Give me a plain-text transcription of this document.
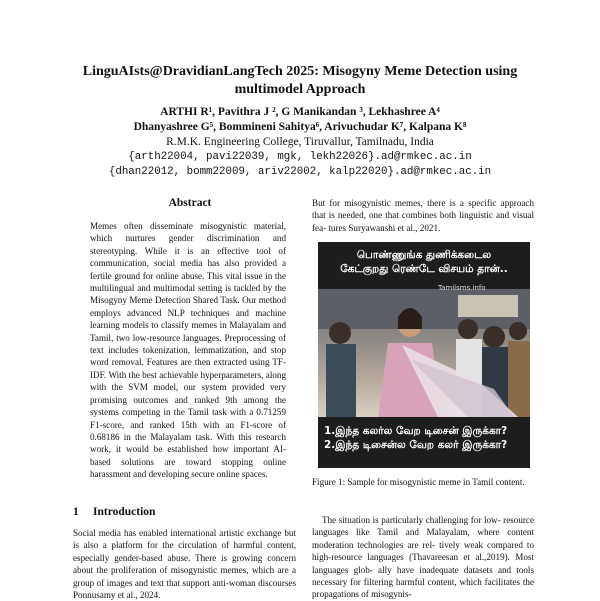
LinguAIsts@DravidianLangTech 2025: Misogyny Meme Detection using
multimodel Approach
ARTHI R¹, Pavithra J ², G Manikandan ³, Lekhashree A⁴
Dhanyashree G⁵, Bommineni Sahitya⁶, Arivuchudar K⁷, Kalpana K⁸
R.M.K. Engineering College, Tiruvallur, Tamilnadu, India
{arth22004, pavi22039, mgk, lekh22026}.ad@rmkec.ac.in
{dhan22012, bomm22009, ariv22002, kalp22020}.ad@rmkec.ac.in
Abstract

Memes often disseminate misogynistic material, which nurtures gender discrimination and stereotyping. While it is an effective tool of communication, social media has also provided a fertile ground for online abuse. This vital issue in the multilingual and multimodal setting is tackled by the Misogyny Meme Detection Shared Task. Our method employs advanced NLP techniques and machine learning models to classify memes in Malayalam and Tamil, two low-resource languages. Preprocessing of text includes tokenization, lemmatization, and stop word removal. Features are then extracted using TF-IDF. With the best achievable hyperparameters, along with the SVM model, our system provided very promising outcomes and ranked 9th among the systems competing in the Tamil task with a 0.71259 F1-score, and ranked 15th with an F1-score of 0.68186 in the Malayalam task. With this research work, it would be established how important AI-based solutions are toward stopping online harassment and developing secure online spaces.

1 Introduction

Social media has enabled international artistic exchange but is also a platform for the circulation of harmful content, especially gender-based abuse. There is growing concern about the proliferation of misogynistic memes, which are a group of images and text that support anti-woman discourses Ponnusamy et al., 2024.

But for misogynistic memes, there is a specific approach that is needed, one that combines both linguistic and visual fea- tures Suryawanshi et al., 2021.

பொண்ணுங்க துணிக்கடைல
கேட்குறது ரெண்டே விசயம் தான்..
1.இந்த கலர்ல வேற டிசைன் இருக்கா?
2.இந்த டிசைன்ல வேற கலர் இருக்கா?
Tamilsms.info
Figure 1: Sample for misogynistic meme in Tamil content.

The situation is particularly challenging for low- resource languages like Tamil and Malayalam, where content moderation technologies are rel- tively weak compared to high-resource languages (Thavareesan et al.,2019). Most languages glob- ally have inadequate datasets and tools necessary for filtering harmful content, which facilitates the propagations of misogynis-
